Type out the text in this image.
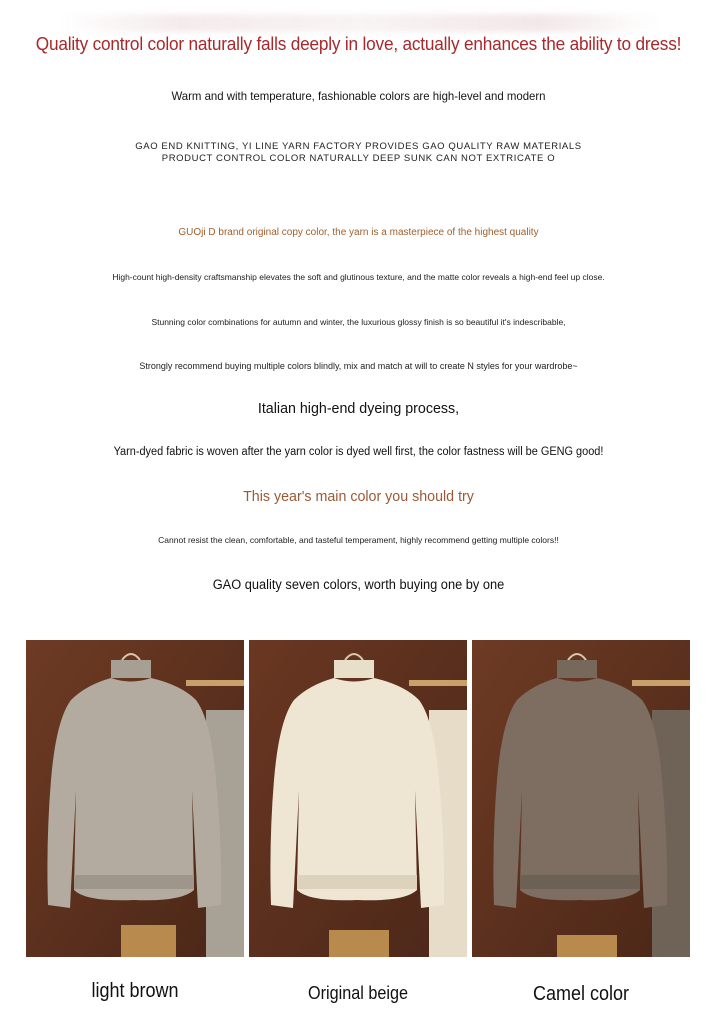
Quality control color naturally falls deeply in love, actually enhances the ability to dress!
Warm and with temperature, fashionable colors are high-level and modern
GAO END KNITTING, YI LINE YARN FACTORY PROVIDES GAO QUALITY RAW MATERIALS
PRODUCT CONTROL COLOR NATURALLY DEEP SUNK CAN NOT EXTRICATE O
GUOji D brand original copy color, the yarn is a masterpiece of the highest quality
High-count high-density craftsmanship elevates the soft and glutinous texture, and the matte color reveals a high-end feel up close.
Stunning color combinations for autumn and winter, the luxurious glossy finish is so beautiful it's indescribable,
Strongly recommend buying multiple colors blindly, mix and match at will to create N styles for your wardrobe~
Italian high-end dyeing process,
Yarn-dyed fabric is woven after the yarn color is dyed well first, the color fastness will be GENG good!
This year's main color you should try
Cannot resist the clean, comfortable, and tasteful temperament, highly recommend getting multiple colors!!
GAO quality seven colors, worth buying one by one
light brown	Original beige	Camel color
